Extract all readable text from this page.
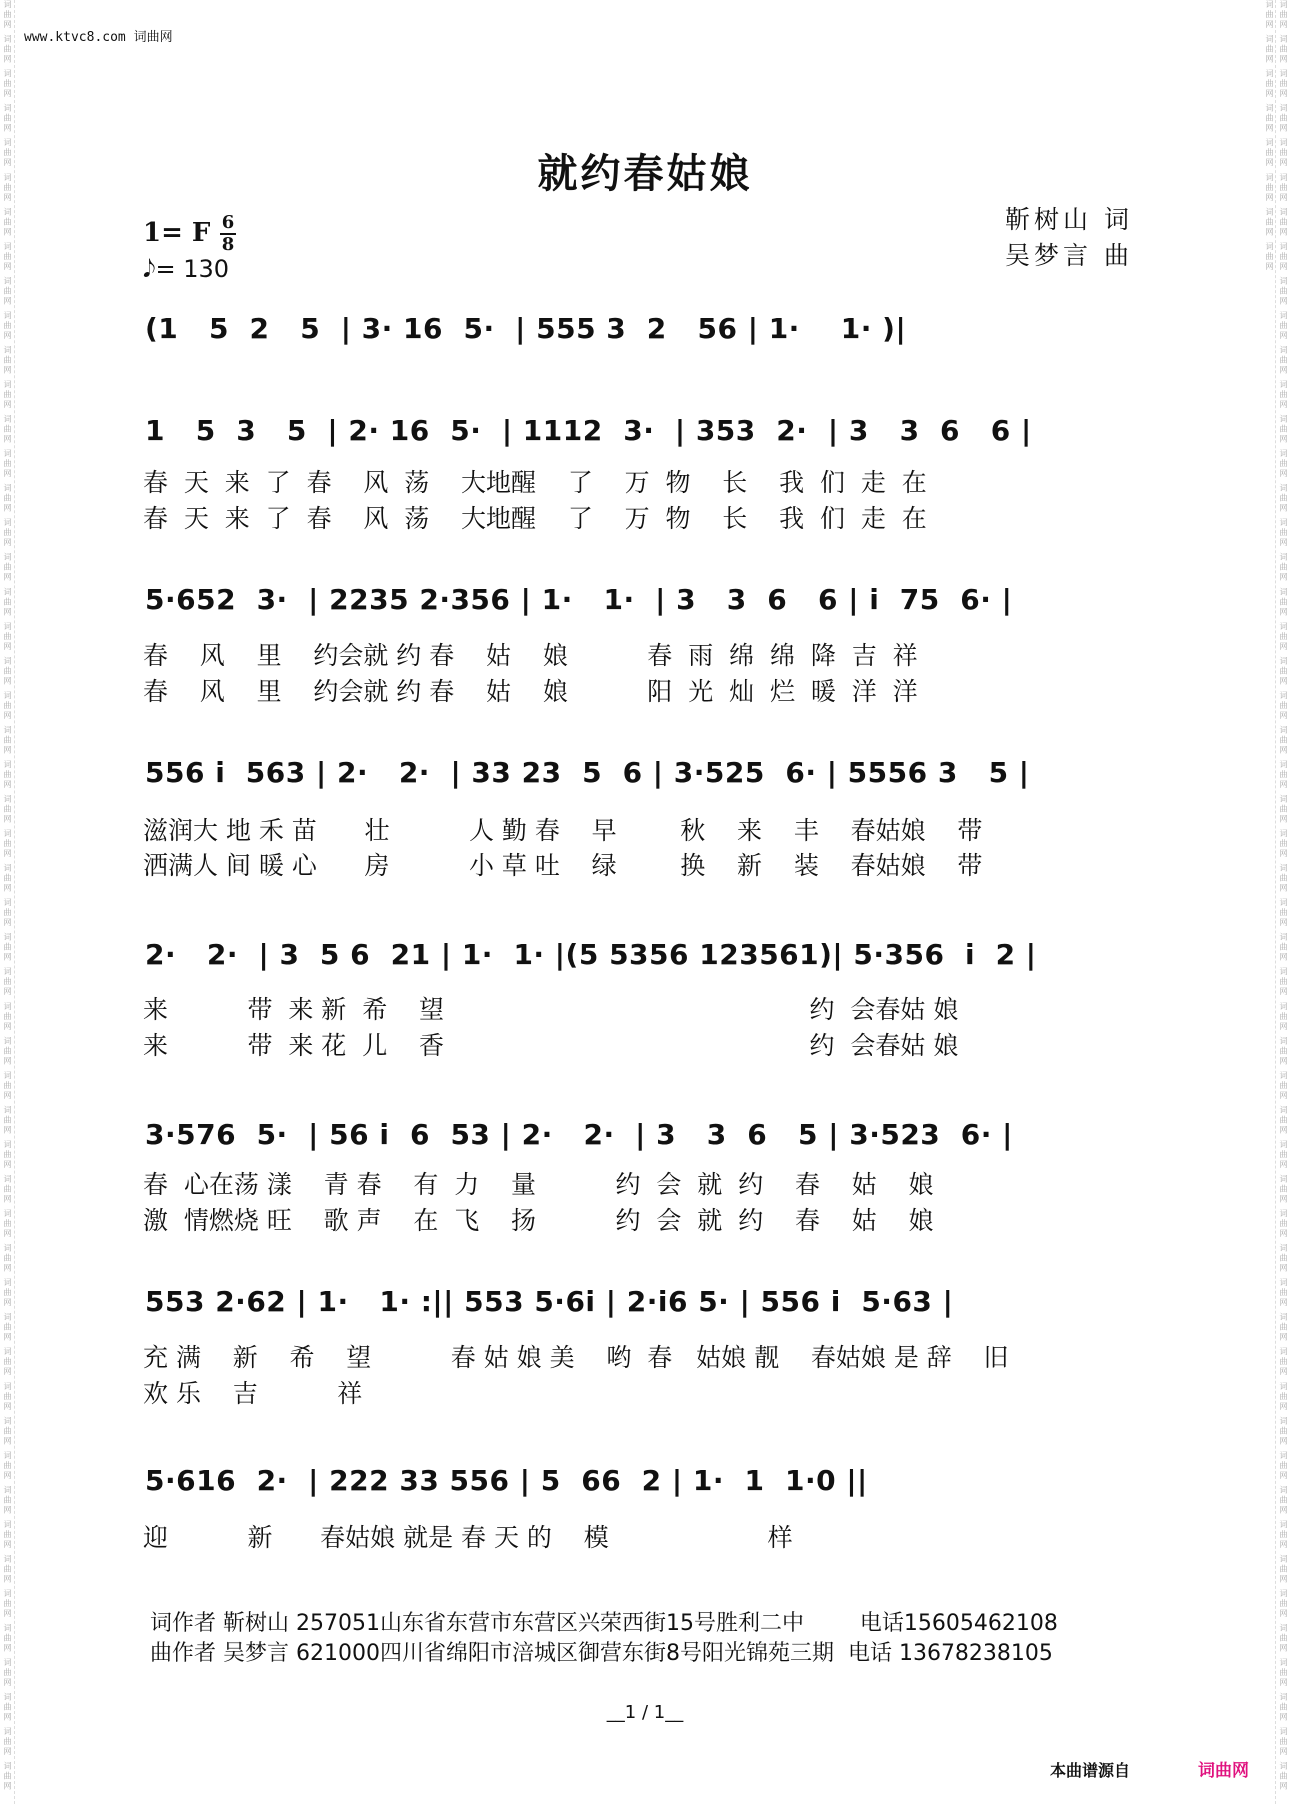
词曲网 词曲网 词曲网 词曲网 词曲网 词曲网 词曲网 词曲网 词曲网 词曲网 词曲网 词曲网 词曲网 词曲网 词曲网 词曲网 词曲网 词曲网 词曲网 词曲网 词曲网 词曲网 词曲网 词曲网 词曲网 词曲网 词曲网 词曲网 词曲网 词曲网 词曲网 词曲网 词曲网 词曲网 词曲网 词曲网 词曲网 词曲网 词曲网 词曲网 词曲网 词曲网 词曲网 词曲网 词曲网 词曲网 词曲网 词曲网 词曲网 词曲网 词曲网 词曲网	词曲网 词曲网 词曲网 词曲网 词曲网 词曲网 词曲网 词曲网 词曲网 词曲网 词曲网 词曲网 词曲网 词曲网 词曲网 词曲网 词曲网 词曲网 词曲网 词曲网 词曲网 词曲网 词曲网 词曲网 词曲网 词曲网 词曲网 词曲网 词曲网 词曲网 词曲网 词曲网 词曲网 词曲网 词曲网 词曲网 词曲网 词曲网 词曲网 词曲网 词曲网 词曲网 词曲网 词曲网 词曲网 词曲网 词曲网 词曲网 词曲网 词曲网 词曲网 词曲网 词曲网 词曲网 词曲网 词曲网 词曲网 词曲网 词曲网 词曲网
www.ktvc8.com 词曲网
就约春姑娘
1= F 6
8
𝅘𝅥𝅮= 130
靳树山 词
吴梦言 曲
(1   5  2   5  | 3· 16  5·  | 555 3  2   56 | 1·    1· )|
1   5  3   5  | 2· 16  5·  | 1112  3·  | 353  2·  | 3   3  6   6 |
春  天  来  了  春    风  荡    大地醒    了    万  物    长    我  们  走  在
春  天  来  了  春    风  荡    大地醒    了    万  物    长    我  们  走  在
5·652  3·  | 2235 2·356 | 1·   1·  | 3   3  6   6 | i  75  6· |
春    风    里    约会就 约 春    姑    娘          春  雨  绵  绵  降  吉  祥
春    风    里    约会就 约 春    姑    娘          阳  光  灿  烂  暖  洋  洋
556 i  563 | 2·   2·  | 33 23  5  6 | 3·525  6· | 5556 3   5 |
滋润大 地 禾 苗      壮          人 勤 春    早        秋    来    丰    春姑娘    带
洒满人 间 暖 心      房          小 草 吐    绿        换    新    装    春姑娘    带
2·   2·  | 3  5 6  21 | 1·  1· |(5 5356 123561)| 5·356  i  2 |
来          带  来 新  希    望                                              约  会春姑 娘
来          带  来 花  儿    香                                              约  会春姑 娘
3·576  5·  | 56 i  6  53 | 2·   2·  | 3   3  6   5 | 3·523  6· |
春  心在荡 漾    青 春    有  力    量          约  会  就  约    春    姑    娘
激  情燃烧 旺    歌 声    在  飞    扬          约  会  就  约    春    姑    娘
553 2·62 | 1·   1· :|| 553 5·6i | 2·i6 5· | 556 i  5·63 |
充 满    新    希    望          春 姑 娘 美    哟  春   姑娘 靓    春姑娘 是 辞    旧
欢 乐    吉          祥
5·616  2·  | 222 33 556 | 5  66  2 | 1·  1  1·0 ||
迎          新      春姑娘 就是 春 天 的    模                    样
词作者 靳树山 257051山东省东营市东营区兴荣西街15号胜利二中        电话15605462108
曲作者 吴梦言 621000四川省绵阳市涪城区御营东街8号阳光锦苑三期  电话 13678238105
__1 / 1__
本曲谱源自	词曲网
